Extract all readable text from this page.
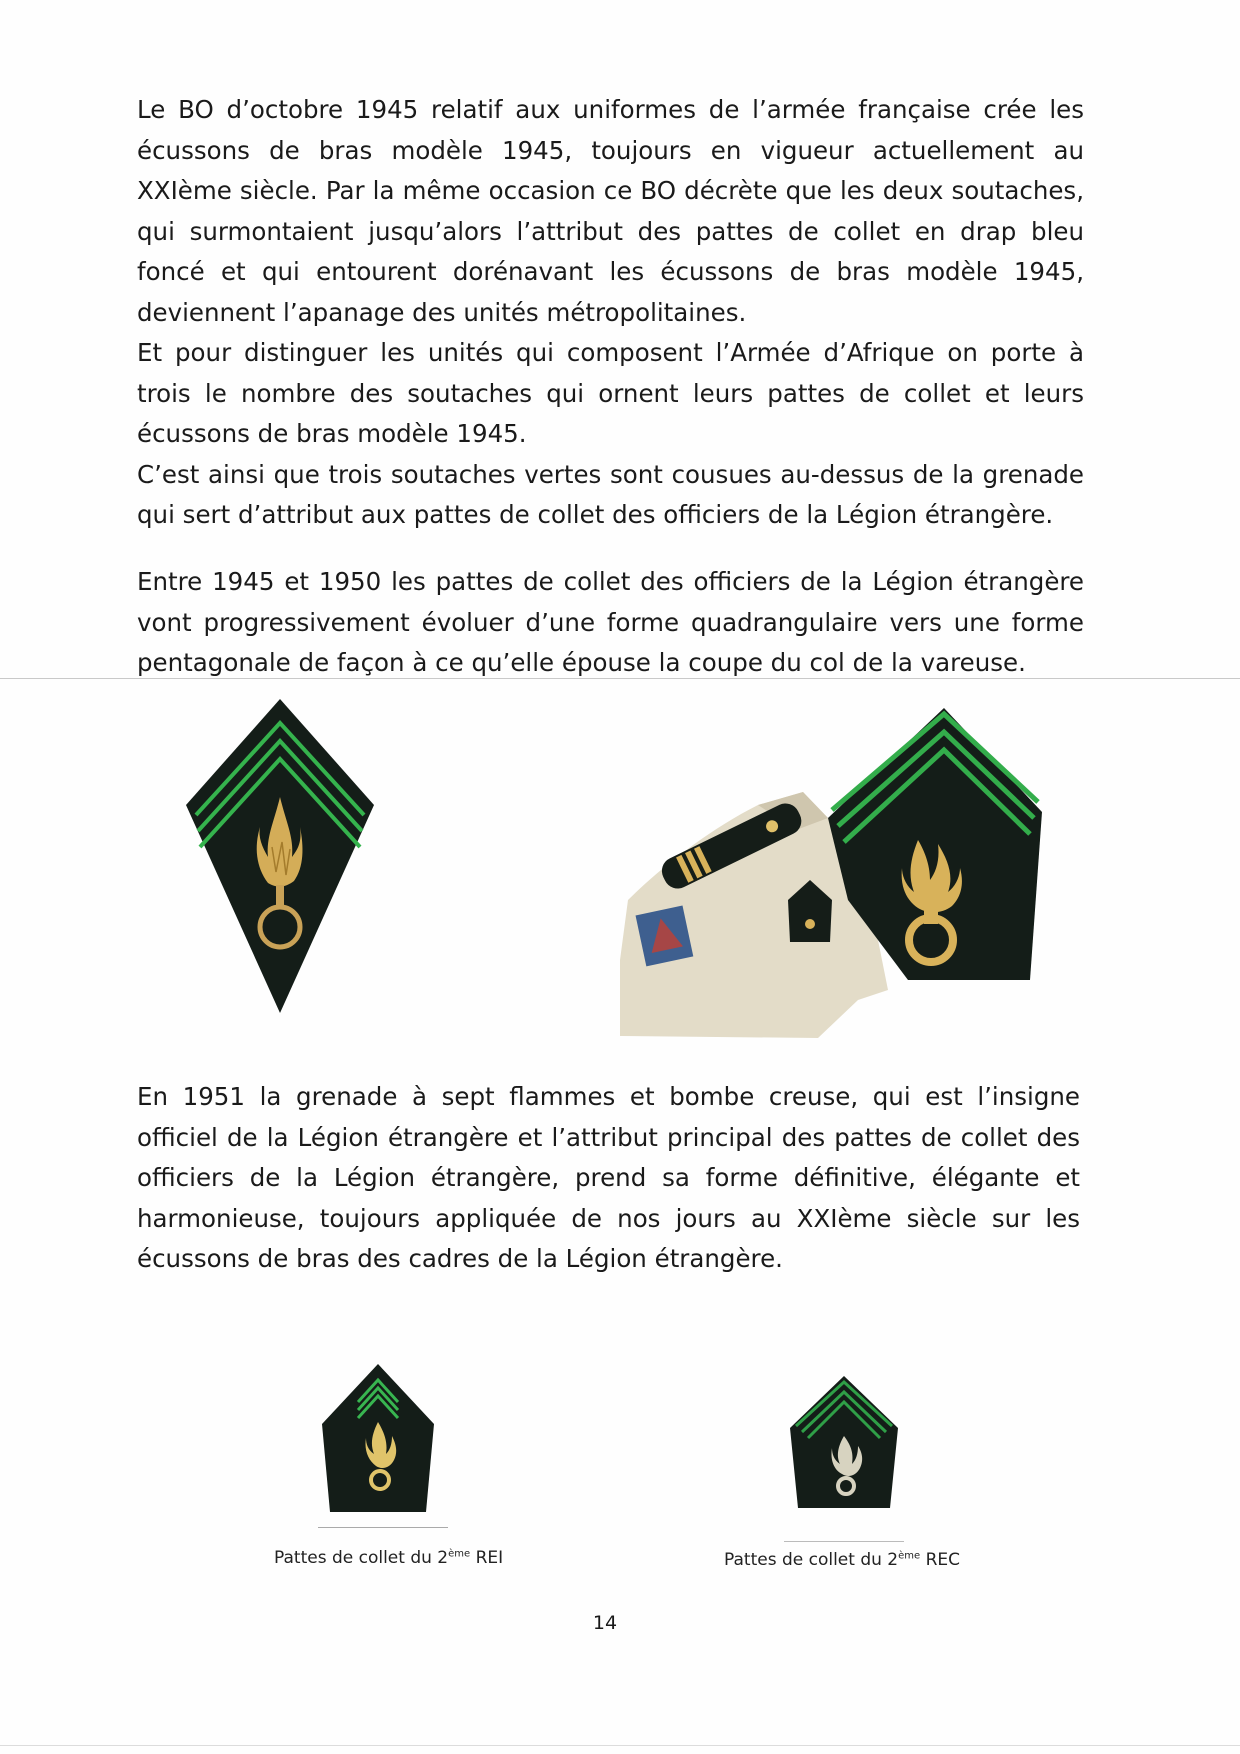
Le BO d’octobre 1945 relatif aux uniformes de l’armée française crée les écussons de bras modèle 1945, toujours en vigueur actuellement au XXIème siècle. Par la même occasion ce BO décrète que les deux soutaches, qui surmontaient jusqu’alors l’attribut des pattes de collet en drap bleu foncé et qui entourent dorénavant les écussons de bras modèle 1945, deviennent l’apanage des unités métropolitaines.

Et pour distinguer les unités qui composent l’Armée d’Afrique on porte à trois le nombre des soutaches qui ornent leurs pattes de collet et leurs écussons de bras modèle 1945.

C’est ainsi que trois soutaches vertes sont cousues au-dessus de la grenade qui sert d’attribut aux pattes de collet des officiers de la Légion étrangère.

Entre 1945 et 1950 les pattes de collet des officiers de la Légion étrangère vont progressivement évoluer d’une forme quadrangulaire vers une forme pentagonale de façon à ce qu’elle épouse la coupe du col de la vareuse.

En 1951 la grenade à sept flammes et bombe creuse, qui est l’insigne officiel de la Légion étrangère et l’attribut principal des pattes de collet des officiers de la Légion étrangère, prend sa forme définitive, élégante et harmonieuse, toujours appliquée de nos jours au XXIème siècle sur les écussons de bras des cadres de la Légion étrangère.

Pattes de collet du 2ème REI	Pattes de collet du 2ème REC
14
